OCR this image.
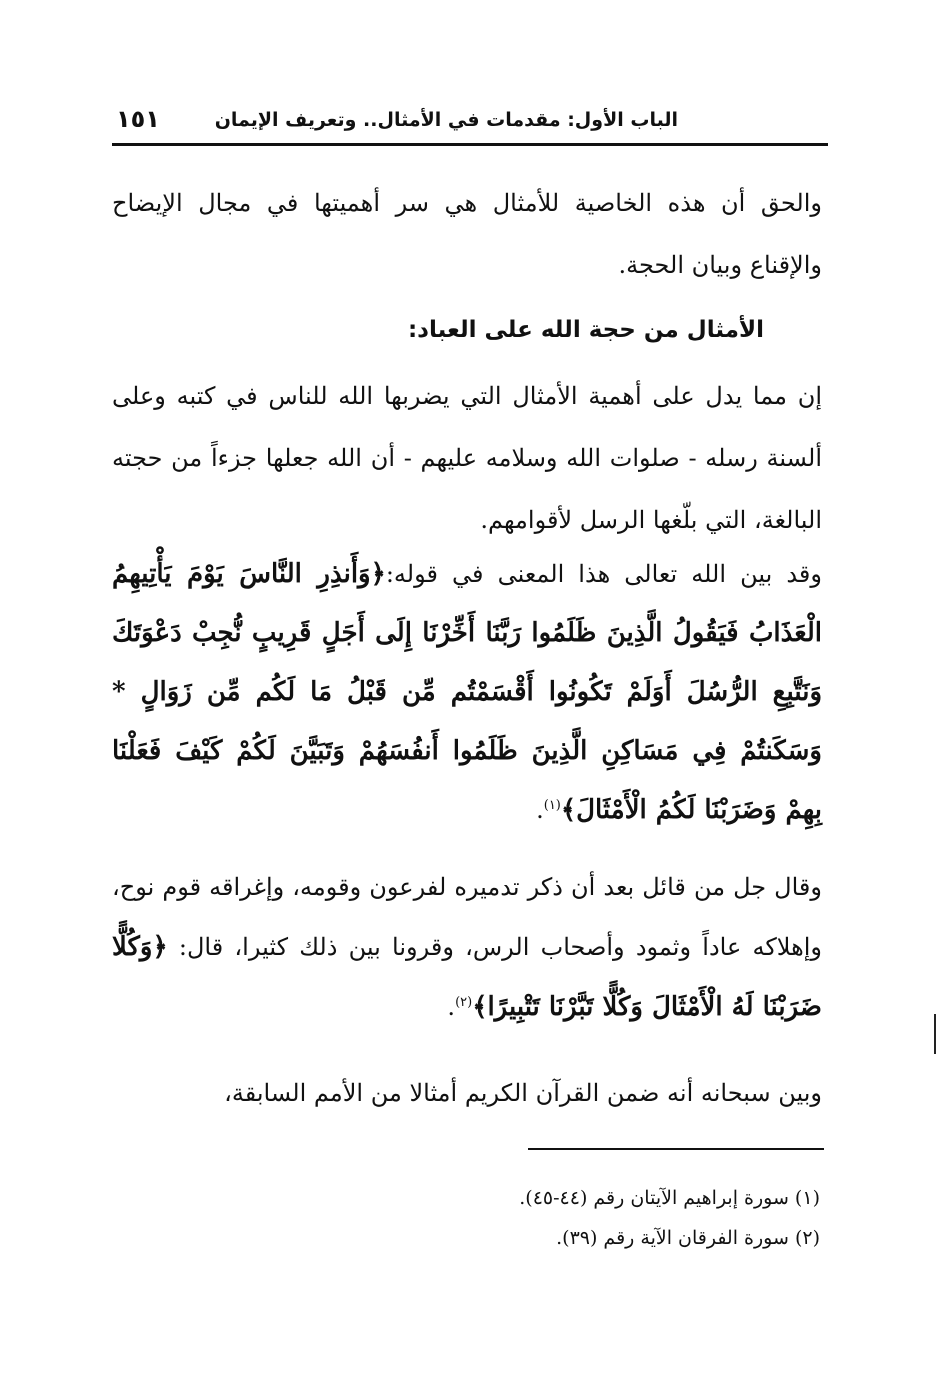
الباب الأول: مقدمات في الأمثال.. وتعريف الإيمان
١٥١
والحق أن هذه الخاصية للأمثال هي سر أهميتها في مجال الإيضاح والإقناع وبيان الحجة.
الأمثال من حجة الله على العباد:
إن مما يدل على أهمية الأمثال التي يضربها الله للناس في كتبه وعلى ألسنة رسله - صلوات الله وسلامه عليهم - أن الله جعلها جزءاً من حجته البالغة، التي بلّغها الرسل لأقوامهم.
وقد بين الله تعالى هذا المعنى في قوله:﴿وَأَنذِرِ النَّاسَ يَوْمَ يَأْتِيهِمُ الْعَذَابُ فَيَقُولُ الَّذِينَ ظَلَمُوا رَبَّنَا أَخِّرْنَا إِلَى أَجَلٍ قَرِيبٍ نُّجِبْ دَعْوَتَكَ وَنَتَّبِعِ الرُّسُلَ أَوَلَمْ تَكُونُوا أَقْسَمْتُم مِّن قَبْلُ مَا لَكُم مِّن زَوَالٍ * وَسَكَنتُمْ فِي مَسَاكِنِ الَّذِينَ ظَلَمُوا أَنفُسَهُمْ وَتَبَيَّنَ لَكُمْ كَيْفَ فَعَلْنَا بِهِمْ وَضَرَبْنَا لَكُمُ الْأَمْثَالَ﴾$^{(١)}$.
وقال جل من قائل بعد أن ذكر تدميره لفرعون وقومه، وإغراقه قوم نوح، وإهلاكه عاداً وثمود وأصحاب الرس، وقرونا بين ذلك كثيرا، قال: ﴿وَكُلًّا ضَرَبْنَا لَهُ الْأَمْثَالَ وَكُلًّا تَبَّرْنَا تَتْبِيرًا﴾$^{(٢)}$.
وبين سبحانه أنه ضمن القرآن الكريم أمثالا من الأمم السابقة،
(١) سورة إبراهيم الآيتان رقم (٤٤-٤٥).
(٢) سورة الفرقان الآية رقم (٣٩).
